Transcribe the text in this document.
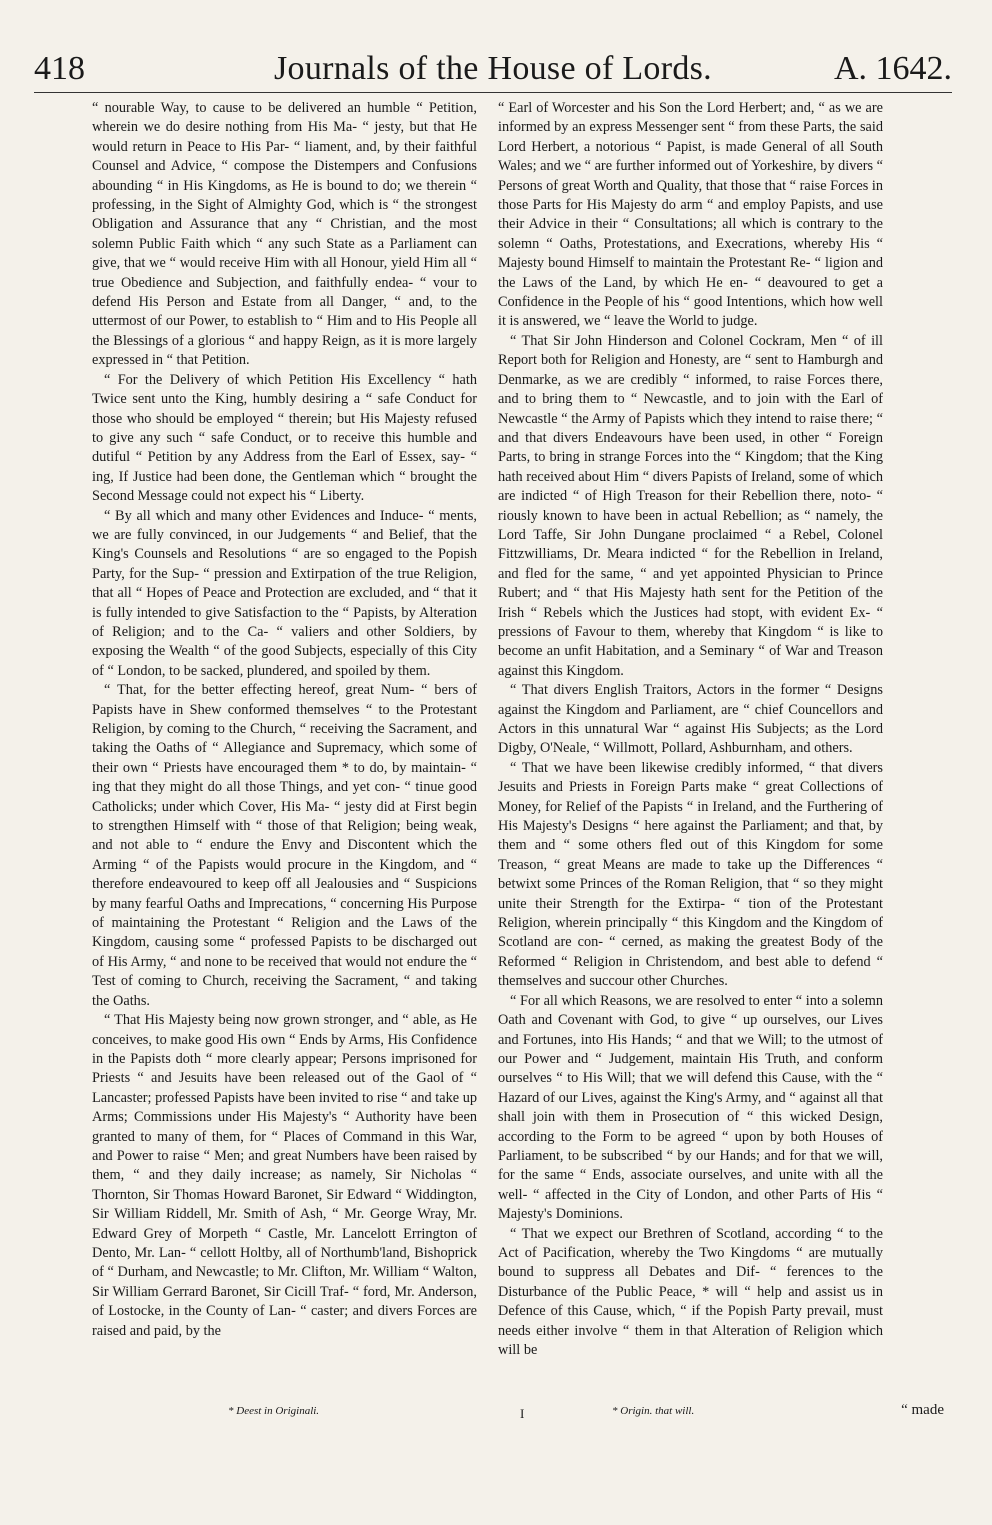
418	Journals of the House of Lords.	A. 1642.

“ nourable Way, to cause to be delivered an humble “ Petition, wherein we do desire nothing from His Ma- “ jesty, but that He would return in Peace to His Par- “ liament, and, by their faithful Counsel and Advice, “ compose the Distempers and Confusions abounding “ in His Kingdoms, as He is bound to do; we therein “ professing, in the Sight of Almighty God, which is “ the strongest Obligation and Assurance that any “ Christian, and the most solemn Public Faith which “ any such State as a Parliament can give, that we “ would receive Him with all Honour, yield Him all “ true Obedience and Subjection, and faithfully endea- “ vour to defend His Person and Estate from all Danger, “ and, to the uttermost of our Power, to establish to “ Him and to His People all the Blessings of a glorious “ and happy Reign, as it is more largely expressed in “ that Petition.

“ For the Delivery of which Petition His Excellency “ hath Twice sent unto the King, humbly desiring a “ safe Conduct for those who should be employed “ therein; but His Majesty refused to give any such “ safe Conduct, or to receive this humble and dutiful “ Petition by any Address from the Earl of Essex, say- “ ing, If Justice had been done, the Gentleman which “ brought the Second Message could not expect his “ Liberty.

“ By all which and many other Evidences and Induce- “ ments, we are fully convinced, in our Judgements “ and Belief, that the King's Counsels and Resolutions “ are so engaged to the Popish Party, for the Sup- “ pression and Extirpation of the true Religion, that all “ Hopes of Peace and Protection are excluded, and “ that it is fully intended to give Satisfaction to the “ Papists, by Alteration of Religion; and to the Ca- “ valiers and other Soldiers, by exposing the Wealth “ of the good Subjects, especially of this City of “ London, to be sacked, plundered, and spoiled by them.

“ That, for the better effecting hereof, great Num- “ bers of Papists have in Shew conformed themselves “ to the Protestant Religion, by coming to the Church, “ receiving the Sacrament, and taking the Oaths of “ Allegiance and Supremacy, which some of their own “ Priests have encouraged them * to do, by maintain- “ ing that they might do all those Things, and yet con- “ tinue good Catholicks; under which Cover, His Ma- “ jesty did at First begin to strengthen Himself with “ those of that Religion; being weak, and not able to “ endure the Envy and Discontent which the Arming “ of the Papists would procure in the Kingdom, and “ therefore endeavoured to keep off all Jealousies and “ Suspicions by many fearful Oaths and Imprecations, “ concerning His Purpose of maintaining the Protestant “ Religion and the Laws of the Kingdom, causing some “ professed Papists to be discharged out of His Army, “ and none to be received that would not endure the “ Test of coming to Church, receiving the Sacrament, “ and taking the Oaths.

“ That His Majesty being now grown stronger, and “ able, as He conceives, to make good His own “ Ends by Arms, His Confidence in the Papists doth “ more clearly appear; Persons imprisoned for Priests “ and Jesuits have been released out of the Gaol of “ Lancaster; professed Papists have been invited to rise “ and take up Arms; Commissions under His Majesty's “ Authority have been granted to many of them, for “ Places of Command in this War, and Power to raise “ Men; and great Numbers have been raised by them, “ and they daily increase; as namely, Sir Nicholas “ Thornton, Sir Thomas Howard Baronet, Sir Edward “ Widdington, Sir William Riddell, Mr. Smith of Ash, “ Mr. George Wray, Mr. Edward Grey of Morpeth “ Castle, Mr. Lancelott Errington of Dento, Mr. Lan- “ cellott Holtby, all of Northumb'land, Bishoprick of “ Durham, and Newcastle; to Mr. Clifton, Mr. William “ Walton, Sir William Gerrard Baronet, Sir Cicill Traf- “ ford, Mr. Anderson, of Lostocke, in the County of Lan- “ caster; and divers Forces are raised and paid, by the

“ Earl of Worcester and his Son the Lord Herbert; and, “ as we are informed by an express Messenger sent “ from these Parts, the said Lord Herbert, a notorious “ Papist, is made General of all South Wales; and we “ are further informed out of Yorkeshire, by divers “ Persons of great Worth and Quality, that those that “ raise Forces in those Parts for His Majesty do arm “ and employ Papists, and use their Advice in their “ Consultations; all which is contrary to the solemn “ Oaths, Protestations, and Execrations, whereby His “ Majesty bound Himself to maintain the Protestant Re- “ ligion and the Laws of the Land, by which He en- “ deavoured to get a Confidence in the People of his “ good Intentions, which how well it is answered, we “ leave the World to judge.

“ That Sir John Hinderson and Colonel Cockram, Men “ of ill Report both for Religion and Honesty, are “ sent to Hamburgh and Denmarke, as we are credibly “ informed, to raise Forces there, and to bring them to “ Newcastle, and to join with the Earl of Newcastle “ the Army of Papists which they intend to raise there; “ and that divers Endeavours have been used, in other “ Foreign Parts, to bring in strange Forces into the “ Kingdom; that the King hath received about Him “ divers Papists of Ireland, some of which are indicted “ of High Treason for their Rebellion there, noto- “ riously known to have been in actual Rebellion; as “ namely, the Lord Taffe, Sir John Dungane proclaimed “ a Rebel, Colonel Fittzwilliams, Dr. Meara indicted “ for the Rebellion in Ireland, and fled for the same, “ and yet appointed Physician to Prince Rubert; and “ that His Majesty hath sent for the Petition of the Irish “ Rebels which the Justices had stopt, with evident Ex- “ pressions of Favour to them, whereby that Kingdom “ is like to become an unfit Habitation, and a Seminary “ of War and Treason against this Kingdom.

“ That divers English Traitors, Actors in the former “ Designs against the Kingdom and Parliament, are “ chief Councellors and Actors in this unnatural War “ against His Subjects; as the Lord Digby, O'Neale, “ Willmott, Pollard, Ashburnham, and others.

“ That we have been likewise credibly informed, “ that divers Jesuits and Priests in Foreign Parts make “ great Collections of Money, for Relief of the Papists “ in Ireland, and the Furthering of His Majesty's Designs “ here against the Parliament; and that, by them and “ some others fled out of this Kingdom for some Treason, “ great Means are made to take up the Differences “ betwixt some Princes of the Roman Religion, that “ so they might unite their Strength for the Extirpa- “ tion of the Protestant Religion, wherein principally “ this Kingdom and the Kingdom of Scotland are con- “ cerned, as making the greatest Body of the Reformed “ Religion in Christendom, and best able to defend “ themselves and succour other Churches.

“ For all which Reasons, we are resolved to enter “ into a solemn Oath and Covenant with God, to give “ up ourselves, our Lives and Fortunes, into His Hands; “ and that we Will; to the utmost of our Power and “ Judgement, maintain His Truth, and conform ourselves “ to His Will; that we will defend this Cause, with the “ Hazard of our Lives, against the King's Army, and “ against all that shall join with them in Prosecution of “ this wicked Design, according to the Form to be agreed “ upon by both Houses of Parliament, to be subscribed “ by our Hands; and for that we will, for the same “ Ends, associate ourselves, and unite with all the well- “ affected in the City of London, and other Parts of His “ Majesty's Dominions.

“ That we expect our Brethren of Scotland, according “ to the Act of Pacification, whereby the Two Kingdoms “ are mutually bound to suppress all Debates and Dif- “ ferences to the Disturbance of the Public Peace, * will “ help and assist us in Defence of this Cause, which, “ if the Popish Party prevail, must needs either involve “ them in that Alteration of Religion which will be

* Deest in Originali.	I	* Origin. that will.	“ made
